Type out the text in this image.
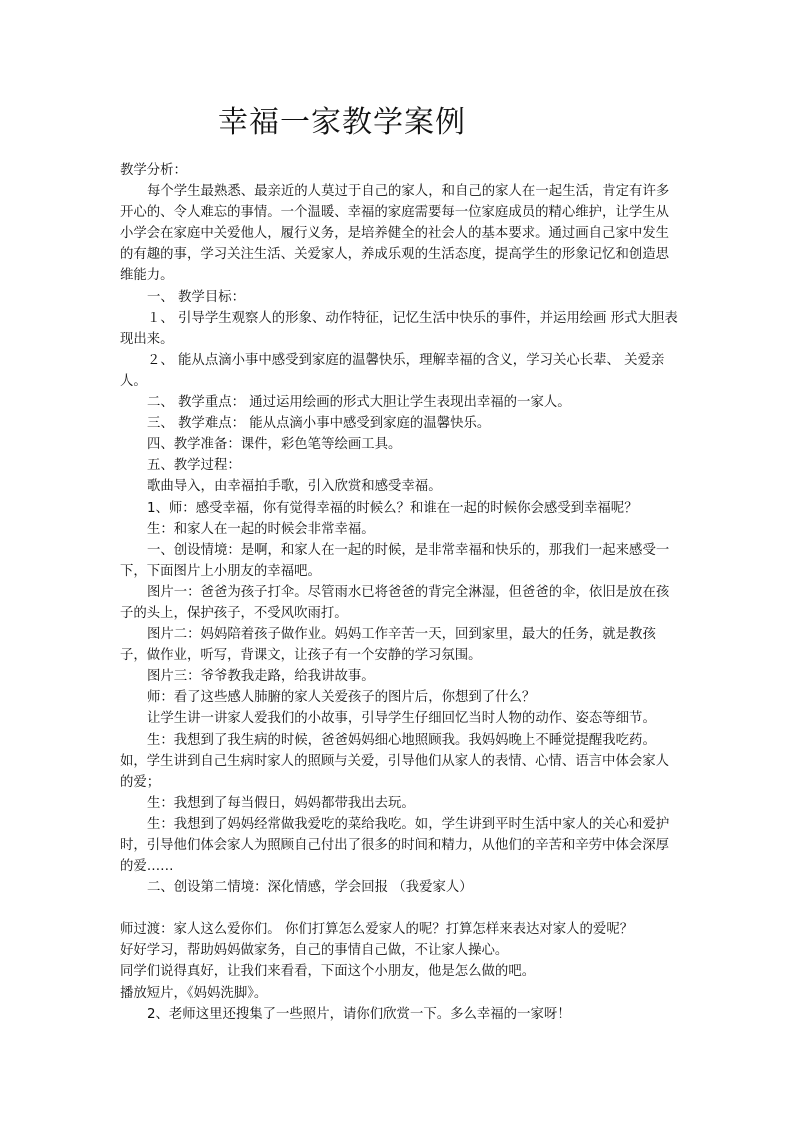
幸福一家教学案例

教学分析：

每个学生最熟悉、最亲近的人莫过于自己的家人，和自己的家人在一起生活，肯定有许多开心的、令人难忘的事情。一个温暖、幸福的家庭需要每一位家庭成员的精心维护，让学生从小学会在家庭中关爱他人，履行义务，是培养健全的社会人的基本要求。通过画自己家中发生的有趣的事，学习关注生活、关爱家人，养成乐观的生活态度，提高学生的形象记忆和创造思维能力。

一、 教学目标：

１、 引导学生观察人的形象、动作特征，记忆生活中快乐的事件，并运用绘画 形式大胆表现出来。

２、 能从点滴小事中感受到家庭的温馨快乐，理解幸福的含义，学习关心长辈、 关爱亲人。

二、 教学重点： 通过运用绘画的形式大胆让学生表现出幸福的一家人。

三、 教学难点： 能从点滴小事中感受到家庭的温馨快乐。

四、教学准备：课件，彩色笔等绘画工具。

五、教学过程：

歌曲导入，由幸福拍手歌，引入欣赏和感受幸福。

1、师：感受幸福，你有觉得幸福的时候么？和谁在一起的时候你会感受到幸福呢？

生：和家人在一起的时候会非常幸福。

一、创设情境：是啊，和家人在一起的时候，是非常幸福和快乐的，那我们一起来感受一下，下面图片上小朋友的幸福吧。

图片一：爸爸为孩子打伞。尽管雨水已将爸爸的背完全淋湿，但爸爸的伞，依旧是放在孩子的头上，保护孩子，不受风吹雨打。

图片二：妈妈陪着孩子做作业。妈妈工作辛苦一天，回到家里，最大的任务，就是教孩子，做作业，听写，背课文，让孩子有一个安静的学习氛围。

图片三：爷爷教我走路，给我讲故事。

师：看了这些感人肺腑的家人关爱孩子的图片后，你想到了什么？

让学生讲一讲家人爱我们的小故事，引导学生仔细回忆当时人物的动作、姿态等细节。

生：我想到了我生病的时候，爸爸妈妈细心地照顾我。我妈妈晚上不睡觉提醒我吃药。如，学生讲到自己生病时家人的照顾与关爱，引导他们从家人的表情、心情、语言中体会家人的爱；

生：我想到了每当假日，妈妈都带我出去玩。

生：我想到了妈妈经常做我爱吃的菜给我吃。如，学生讲到平时生活中家人的关心和爱护时，引导他们体会家人为照顾自己付出了很多的时间和精力，从他们的辛苦和辛劳中体会深厚的爱……

二、创设第二情境：深化情感，学会回报 （我爱家人）

师过渡：家人这么爱你们。 你们打算怎么爱家人的呢？打算怎样来表达对家人的爱呢？

好好学习，帮助妈妈做家务，自己的事情自己做，不让家人操心。

同学们说得真好，让我们来看看，下面这个小朋友，他是怎么做的吧。

播放短片，《妈妈洗脚》。

2、老师这里还搜集了一些照片，请你们欣赏一下。多么幸福的一家呀！
